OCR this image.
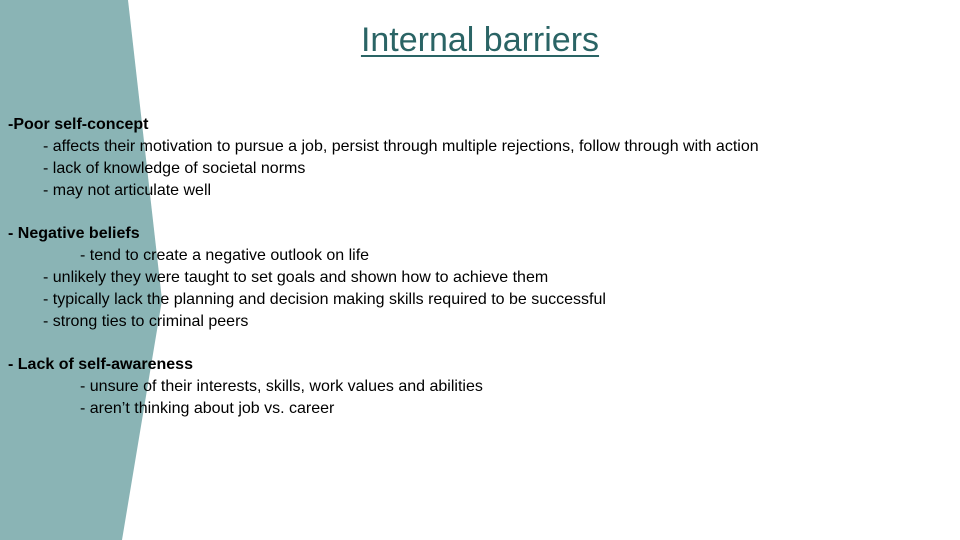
Internal barriers
-Poor self-concept
- affects their motivation to pursue a job, persist through multiple rejections, follow through with action
- lack of knowledge of societal norms
- may not articulate well
- Negative beliefs
- tend to create a negative outlook on life
- unlikely they were taught to set goals and shown how to achieve them
- typically lack the planning and decision making skills required to be successful
- strong ties to criminal peers
- Lack of self-awareness
- unsure of their interests, skills, work values and abilities
- aren’t thinking about job vs. career
